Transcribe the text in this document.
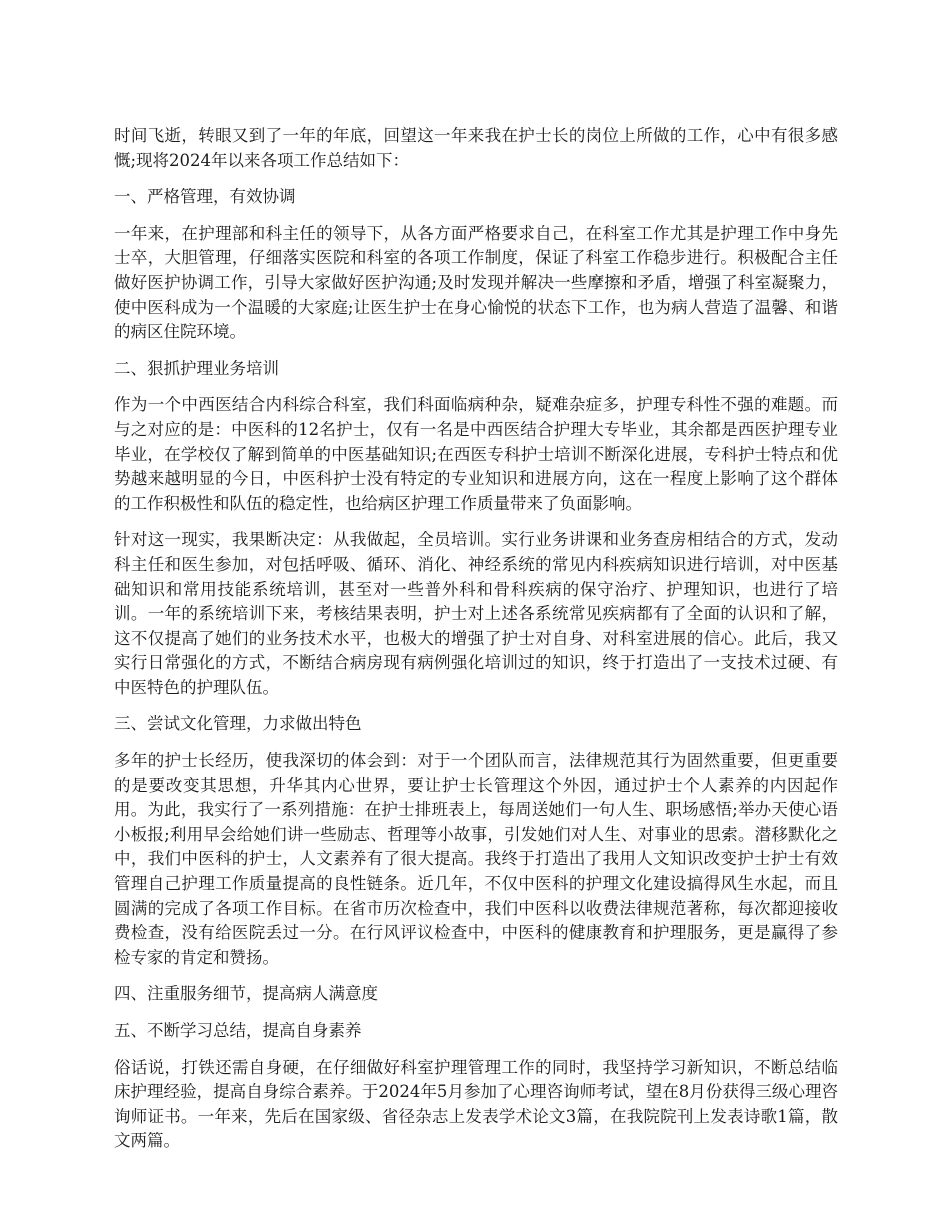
时间飞逝，转眼又到了一年的年底，回望这一年来我在护士长的岗位上所做的工作，心中有很多感慨;现将2024年以来各项工作总结如下：

一、严格管理，有效协调

一年来，在护理部和科主任的领导下，从各方面严格要求自己，在科室工作尤其是护理工作中身先士卒，大胆管理，仔细落实医院和科室的各项工作制度，保证了科室工作稳步进行。积极配合主任做好医护协调工作，引导大家做好医护沟通;及时发现并解决一些摩擦和矛盾，增强了科室凝聚力，使中医科成为一个温暖的大家庭;让医生护士在身心愉悦的状态下工作，也为病人营造了温馨、和谐的病区住院环境。

二、狠抓护理业务培训

作为一个中西医结合内科综合科室，我们科面临病种杂，疑难杂症多，护理专科性不强的难题。而与之对应的是：中医科的12名护士，仅有一名是中西医结合护理大专毕业，其余都是西医护理专业毕业，在学校仅了解到简单的中医基础知识;在西医专科护士培训不断深化进展，专科护士特点和优势越来越明显的今日，中医科护士没有特定的专业知识和进展方向，这在一程度上影响了这个群体的工作积极性和队伍的稳定性，也给病区护理工作质量带来了负面影响。

针对这一现实，我果断决定：从我做起，全员培训。实行业务讲课和业务查房相结合的方式，发动科主任和医生参加，对包括呼吸、循环、消化、神经系统的常见内科疾病知识进行培训，对中医基础知识和常用技能系统培训，甚至对一些普外科和骨科疾病的保守治疗、护理知识，也进行了培训。一年的系统培训下来，考核结果表明，护士对上述各系统常见疾病都有了全面的认识和了解，这不仅提高了她们的业务技术水平，也极大的增强了护士对自身、对科室进展的信心。此后，我又实行日常强化的方式，不断结合病房现有病例强化培训过的知识，终于打造出了一支技术过硬、有中医特色的护理队伍。

三、尝试文化管理，力求做出特色

多年的护士长经历，使我深切的体会到：对于一个团队而言，法律规范其行为固然重要，但更重要的是要改变其思想，升华其内心世界，要让护士长管理这个外因，通过护士个人素养的内因起作用。为此，我实行了一系列措施：在护士排班表上，每周送她们一句人生、职场感悟;举办天使心语小板报;利用早会给她们讲一些励志、哲理等小故事，引发她们对人生、对事业的思索。潜移默化之中，我们中医科的护士，人文素养有了很大提高。我终于打造出了我用人文知识改变护士护士有效管理自己护理工作质量提高的良性链条。近几年，不仅中医科的护理文化建设搞得风生水起，而且圆满的完成了各项工作目标。在省市历次检查中，我们中医科以收费法律规范著称，每次都迎接收费检查，没有给医院丢过一分。在行风评议检查中，中医科的健康教育和护理服务，更是赢得了参检专家的肯定和赞扬。

四、注重服务细节，提高病人满意度

五、不断学习总结，提高自身素养

俗话说，打铁还需自身硬，在仔细做好科室护理管理工作的同时，我坚持学习新知识，不断总结临床护理经验，提高自身综合素养。于2024年5月参加了心理咨询师考试，望在8月份获得三级心理咨询师证书。一年来，先后在国家级、省径杂志上发表学术论文3篇，在我院院刊上发表诗歌1篇，散文两篇。
